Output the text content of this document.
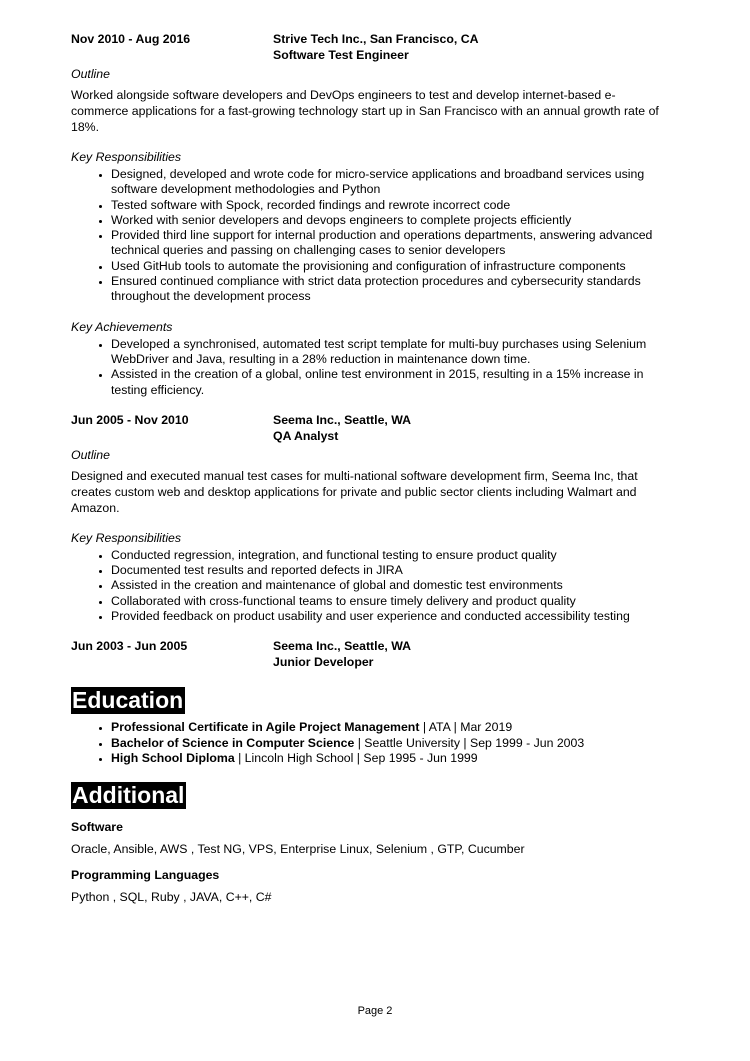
Nov 2010 - Aug 2016	Strive Tech Inc., San Francisco, CA
Software Test Engineer
Outline
Worked alongside software developers and DevOps engineers to test and develop internet-based e-commerce applications for a fast-growing technology start up in San Francisco with an annual growth rate of 18%.
Key Responsibilities
• Designed, developed and wrote code for micro-service applications and broadband services using software development methodologies and Python
• Tested software with Spock, recorded findings and rewrote incorrect code
• Worked with senior developers and devops engineers to complete projects efficiently
• Provided third line support for internal production and operations departments, answering advanced technical queries and passing on challenging cases to senior developers
• Used GitHub tools to automate the provisioning and configuration of infrastructure components
• Ensured continued compliance with strict data protection procedures and cybersecurity standards throughout the development process
Key Achievements
• Developed a synchronised, automated test script template for multi-buy purchases using Selenium WebDriver and Java, resulting in a 28% reduction in maintenance down time.
• Assisted in the creation of a global, online test environment in 2015, resulting in a 15% increase in testing efficiency.
Jun 2005 - Nov 2010	Seema Inc., Seattle, WA
QA Analyst
Outline
Designed and executed manual test cases for multi-national software development firm, Seema Inc, that creates custom web and desktop applications for private and public sector clients including Walmart and Amazon.
Key Responsibilities
• Conducted regression, integration, and functional testing to ensure product quality
• Documented test results and reported defects in JIRA
• Assisted in the creation and maintenance of global and domestic test environments
• Collaborated with cross-functional teams to ensure timely delivery and product quality
• Provided feedback on product usability and user experience and conducted accessibility testing
Jun 2003 - Jun 2005	Seema Inc., Seattle, WA
Junior Developer
Education
• Professional Certificate in Agile Project Management | ATA | Mar 2019
• Bachelor of Science in Computer Science | Seattle University | Sep 1999 - Jun 2003
• High School Diploma | Lincoln High School | Sep 1995 - Jun 1999
Additional
Software
Oracle, Ansible, AWS , Test NG, VPS, Enterprise Linux, Selenium , GTP, Cucumber
Programming Languages
Python , SQL, Ruby , JAVA, C++, C#
Page 2
